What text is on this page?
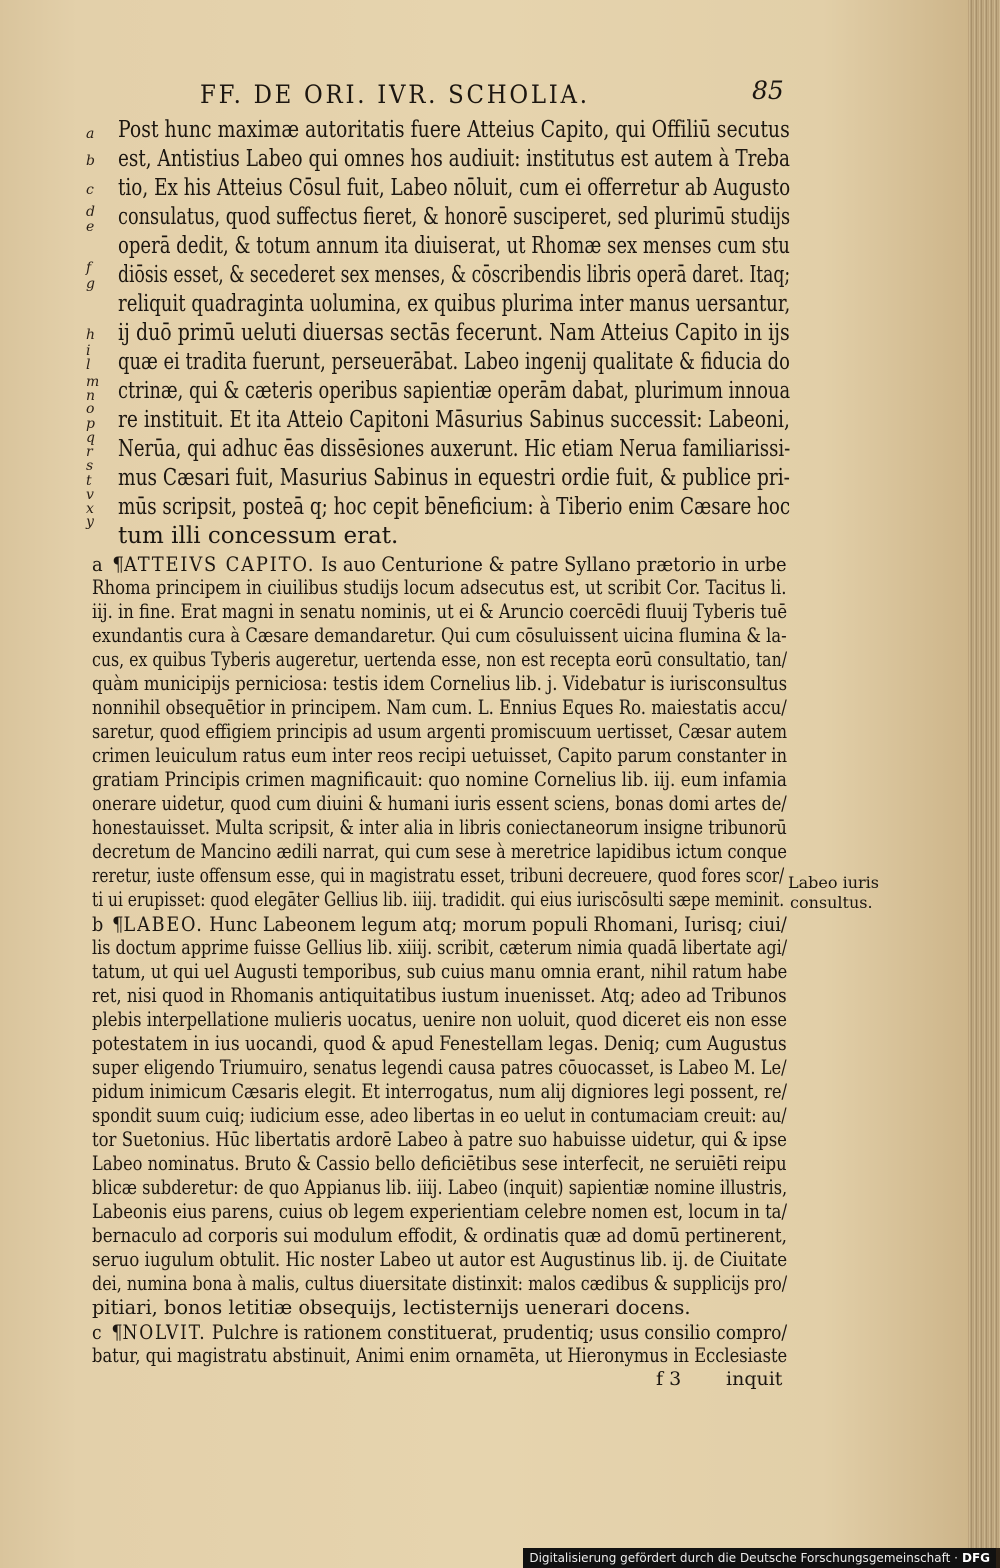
FF. DE ORI. IVR. SCHOLIA.	85
a
b
c
d
e
f
g
h
i
l
m
n
o
p
q
r
s
t
v
x
y
Post hunc maximæ autoritatis fuere Atteius Capito, qui Offiliū secutus
est, Antistius Labeo qui omnes hos audiuit: institutus est autem à Treba
tio, Ex his Atteius Cōsul fuit, Labeo nōluit, cum ei offerretur ab Augusto
consulatus, quod suffectus fieret, & honorē susciperet, sed plurimū studijs
operā dedit, & totum annum ita diuiserat, ut Rhomæ sex menses cum stu
diōsis esset, & secederet sex menses, & cōscribendis libris operā daret. Itaq;
reliquit quadraginta uolumina, ex quibus plurima inter manus uersantur,
ij duō primū ueluti diuersas sectās fecerunt. Nam Atteius Capito in ijs
quæ ei tradita fuerunt, perseuerābat. Labeo ingenij qualitate & fiducia do
ctrinæ, qui & cæteris operibus sapientiæ operām dabat, plurimum innoua
re instituit. Et ita Atteio Capitoni Māsurius Sabinus successit: Labeoni,
Nerūa, qui adhuc ēas dissēsiones auxerunt. Hic etiam Nerua familiarissi-
mus Cæsari fuit, Masurius Sabinus in equestri ordie fuit, & publice pri-
mūs scripsit, posteā q; hoc cepit bēneficium: à Tiberio enim Cæsare hoc
tum illi concessum erat.
a ¶ATTEIVS CAPITO. Is auo Centurione & patre Syllano prætorio in urbe
Rhoma principem in ciuilibus studijs locum adsecutus est, ut scribit Cor. Tacitus li.
iij. in fine. Erat magni in senatu nominis, ut ei & Aruncio coercēdi fluuij Tyberis tuē
exundantis cura à Cæsare demandaretur. Qui cum cōsuluissent uicina flumina & la-
cus, ex quibus Tyberis augeretur, uertenda esse, non est recepta eorū consultatio, tan/
quàm municipijs perniciosa: testis idem Cornelius lib. j. Videbatur is iurisconsultus
nonnihil obsequētior in principem. Nam cum. L. Ennius Eques Ro. maiestatis accu/
saretur, quod effigiem principis ad usum argenti promiscuum uertisset, Cæsar autem
crimen leuiculum ratus eum inter reos recipi uetuisset, Capito parum constanter in
gratiam Principis crimen magnificauit: quo nomine Cornelius lib. iij. eum infamia
onerare uidetur, quod cum diuini & humani iuris essent sciens, bonas domi artes de/
honestauisset. Multa scripsit, & inter alia in libris coniectaneorum insigne tribunorū
decretum de Mancino ædili narrat, qui cum sese à meretrice lapidibus ictum conque
reretur, iuste offensum esse, qui in magistratu esset, tribuni decreuere, quod fores scor/
ti ui erupisset: quod elegāter Gellius lib. iiij. tradidit. qui eius iuriscōsulti sæpe meminit.
b ¶LABEO. Hunc Labeonem legum atq; morum populi Rhomani, Iurisq; ciui/
lis doctum apprime fuisse Gellius lib. xiiij. scribit, cæterum nimia quadā libertate agi/
tatum, ut qui uel Augusti temporibus, sub cuius manu omnia erant, nihil ratum habe
ret, nisi quod in Rhomanis antiquitatibus iustum inuenisset. Atq; adeo ad Tribunos
plebis interpellatione mulieris uocatus, uenire non uoluit, quod diceret eis non esse
potestatem in ius uocandi, quod & apud Fenestellam legas. Deniq; cum Augustus
super eligendo Triumuiro, senatus legendi causa patres cōuocasset, is Labeo M. Le/
pidum inimicum Cæsaris elegit. Et interrogatus, num alij digniores legi possent, re/
spondit suum cuiq; iudicium esse, adeo libertas in eo uelut in contumaciam creuit: au/
tor Suetonius. Hūc libertatis ardorē Labeo à patre suo habuisse uidetur, qui & ipse
Labeo nominatus. Bruto & Cassio bello deficiētibus sese interfecit, ne seruiēti reipu
blicæ subderetur: de quo Appianus lib. iiij. Labeo (inquit) sapientiæ nomine illustris,
Labeonis eius parens, cuius ob legem experientiam celebre nomen est, locum in ta/
bernaculo ad corporis sui modulum effodit, & ordinatis quæ ad domū pertinerent,
seruo iugulum obtulit. Hic noster Labeo ut autor est Augustinus lib. ij. de Ciuitate
dei, numina bona à malis, cultus diuersitate distinxit: malos cædibus & supplicijs pro/
pitiari, bonos letitiæ obsequijs, lectisternijs uenerari docens.
c ¶NOLVIT. Pulchre is rationem constituerat, prudentiq; usus consilio compro/
batur, qui magistratu abstinuit, Animi enim ornamēta, ut Hieronymus in Ecclesiaste
f 3 inquit
Labeo iuris
consultus.
Digitalisierung gefördert durch die Deutsche Forschungsgemeinschaft · DFG
